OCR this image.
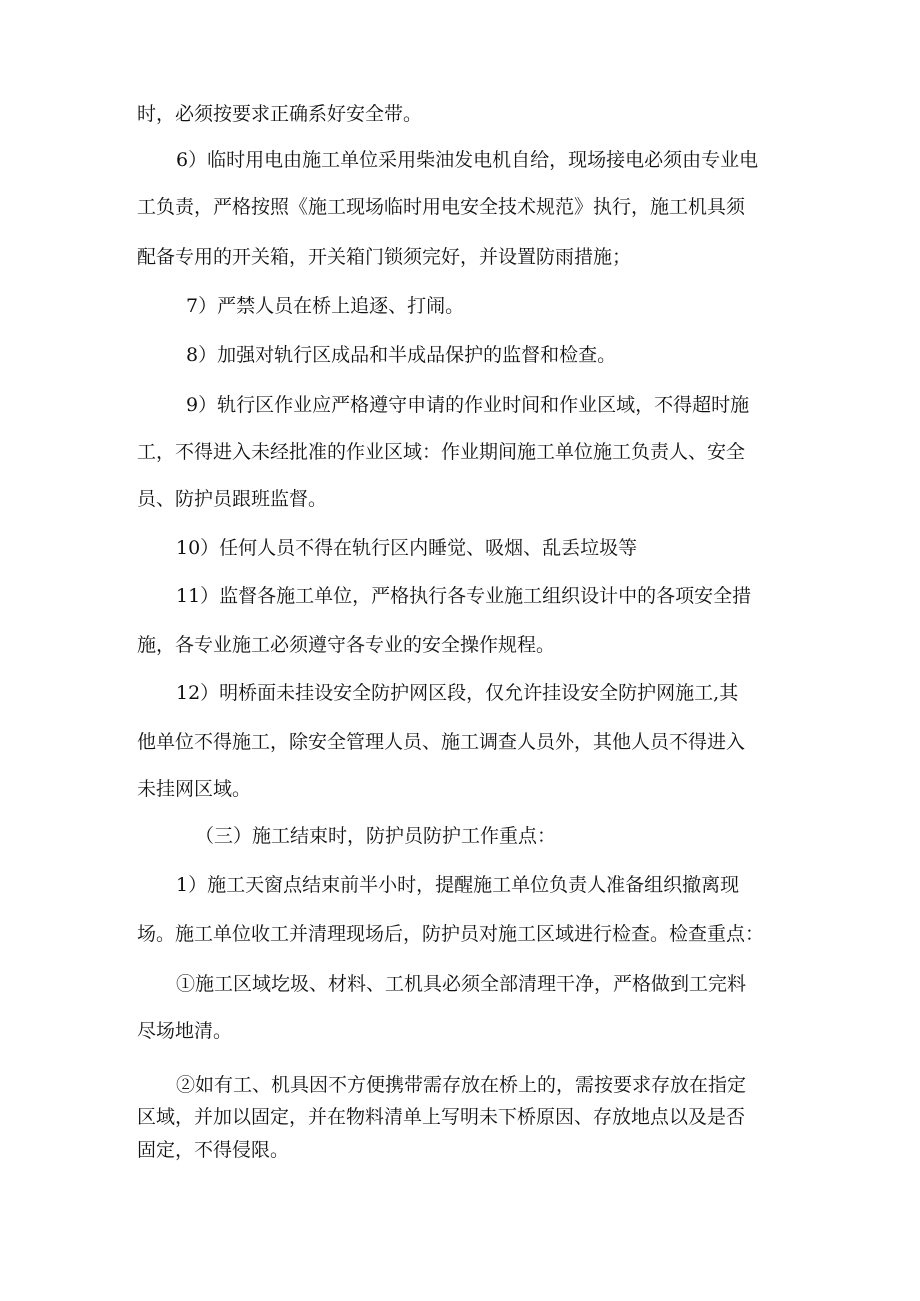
时，必须按要求正确系好安全带。
6）临时用电由施工单位采用柴油发电机自给，现场接电必须由专业电
工负责，严格按照《施工现场临时用电安全技术规范》执行，施工机具须
配备专用的开关箱，开关箱门锁须完好，并设置防雨措施；
7）严禁人员在桥上追逐、打闹。
8）加强对轨行区成品和半成品保护的监督和检查。
9）轨行区作业应严格遵守申请的作业时间和作业区域，不得超时施
工，不得进入未经批准的作业区域：作业期间施工单位施工负责人、安全
员、防护员跟班监督。
10）任何人员不得在轨行区内睡觉、吸烟、乱丢垃圾等
11）监督各施工单位，严格执行各专业施工组织设计中的各项安全措
施，各专业施工必须遵守各专业的安全操作规程。
12）明桥面未挂设安全防护网区段，仅允许挂设安全防护网施工,其
他单位不得施工，除安全管理人员、施工调查人员外，其他人员不得进入
未挂网区域。
（三）施工结束时，防护员防护工作重点：
1）施工天窗点结束前半小时，提醒施工单位负责人准备组织撤离现
场。施工单位收工并清理现场后，防护员对施工区域进行检查。检查重点：
①施工区域圪圾、材料、工机具必须全部清理干净，严格做到工完料
尽场地清。
②如有工、机具因不方便携带需存放在桥上的，需按要求存放在指定
区域，并加以固定，并在物料清单上写明未下桥原因、存放地点以及是否
固定，不得侵限。
